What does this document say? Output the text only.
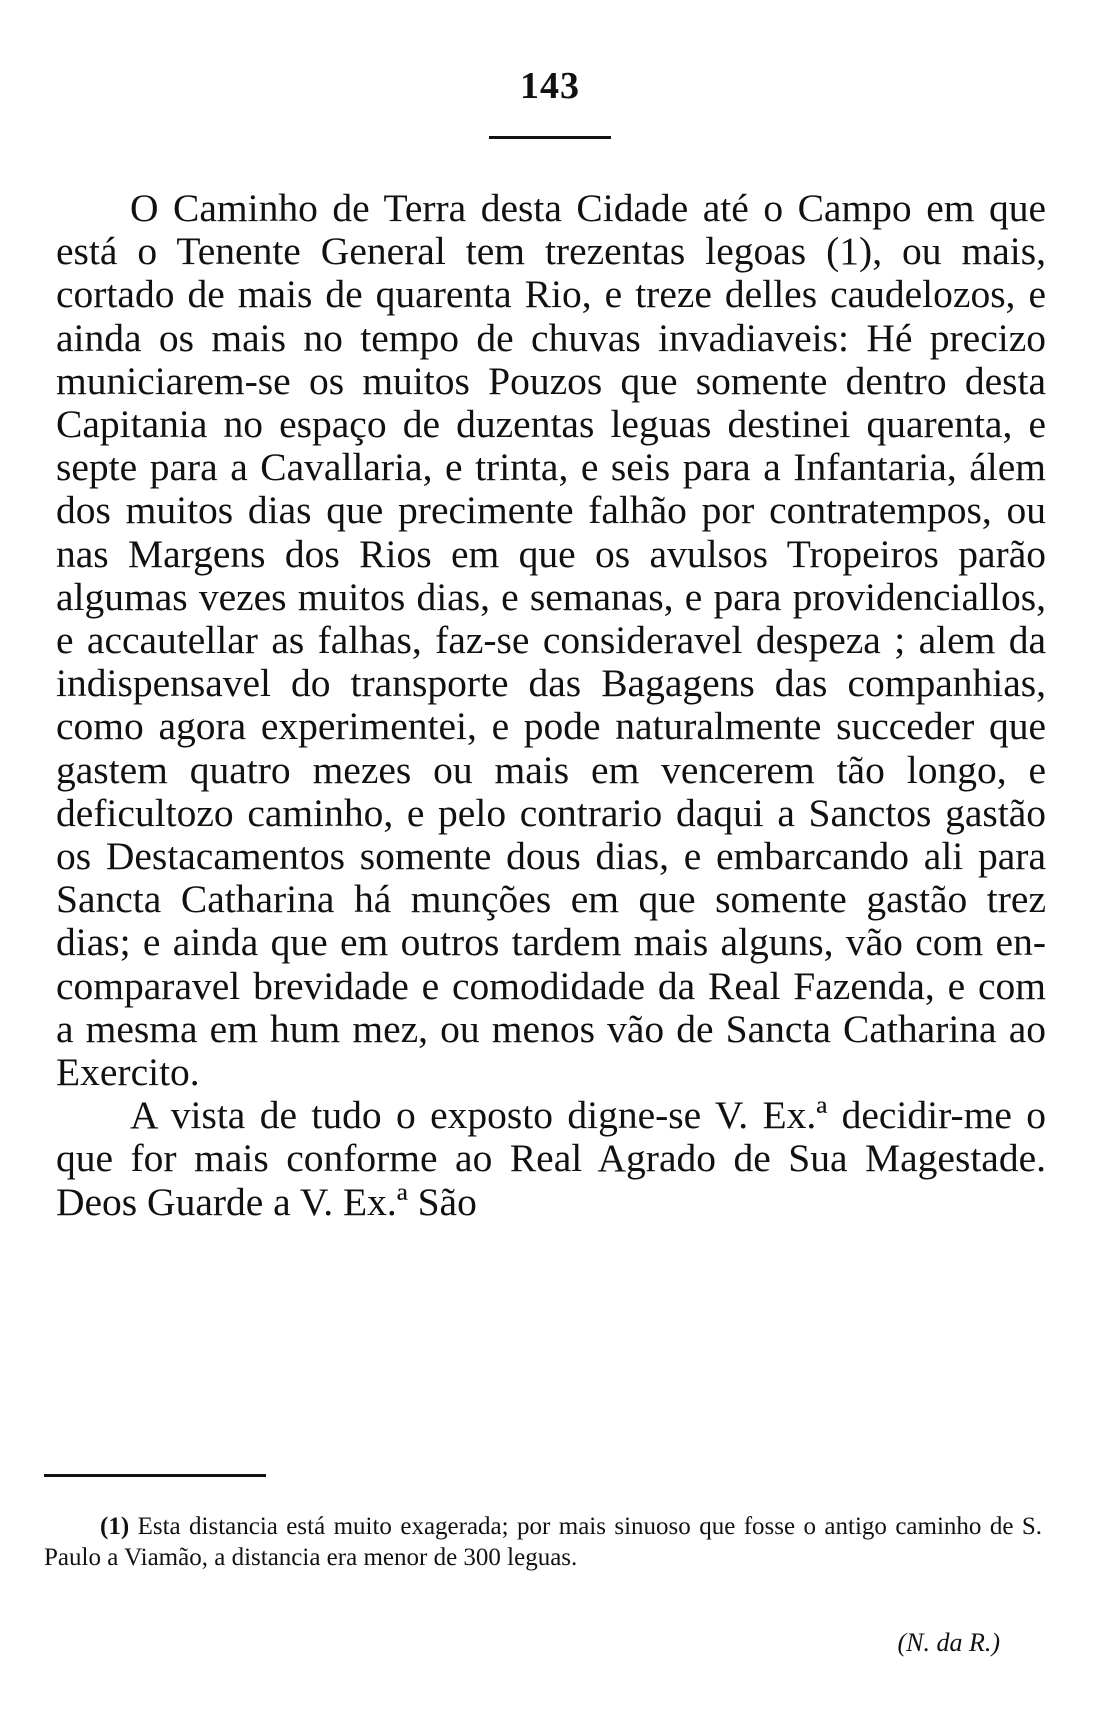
143

O Caminho de Terra desta Cidade até o Campo em que está o Tenente General tem trezentas legoas (1), ou mais, cortado de mais de quarenta Rio, e treze delles caudelozos, e ainda os mais no tempo de chuvas invadiaveis: Hé precizo municiarem-se os muitos Pouzos que somente dentro desta Capitania no espaço de duzentas leguas destinei quarenta, e septe para a Cavallaria, e trinta, e seis para a Infantaria, álem dos muitos dias que precimente falhão por contratempos, ou nas Margens dos Rios em que os avulsos Tropeiros parão algumas vezes muitos dias, e semanas, e para providenciallos, e accautellar as falhas, faz-se consideravel despeza ; alem da indispensavel do transporte das Bagagens das companhias, como agora experimentei, e pode naturalmente succeder que gastem quatro mezes ou mais em vencerem tão longo, e deficultozo caminho, e pelo contrario daqui a Sanctos gastão os Destacamentos somente dous dias, e embarcando ali para Sancta Catharina há munções em que somente gastão trez dias; e ainda que em outros tardem mais alguns, vão com encomparavel brevidade e comodidade da Real Fazenda, e com a mesma em hum mez, ou menos vão de Sancta Catharina ao Exercito.

A vista de tudo o exposto digne-se V. Ex.ª decidir-me o que for mais conforme ao Real Agrado de Sua Magestade. Deos Guarde a V. Ex.ª São

(1) Esta distancia está muito exagerada; por mais sinuoso que fosse o antigo caminho de S. Paulo a Viamão, a distancia era menor de 300 leguas.

(N. da R.)
